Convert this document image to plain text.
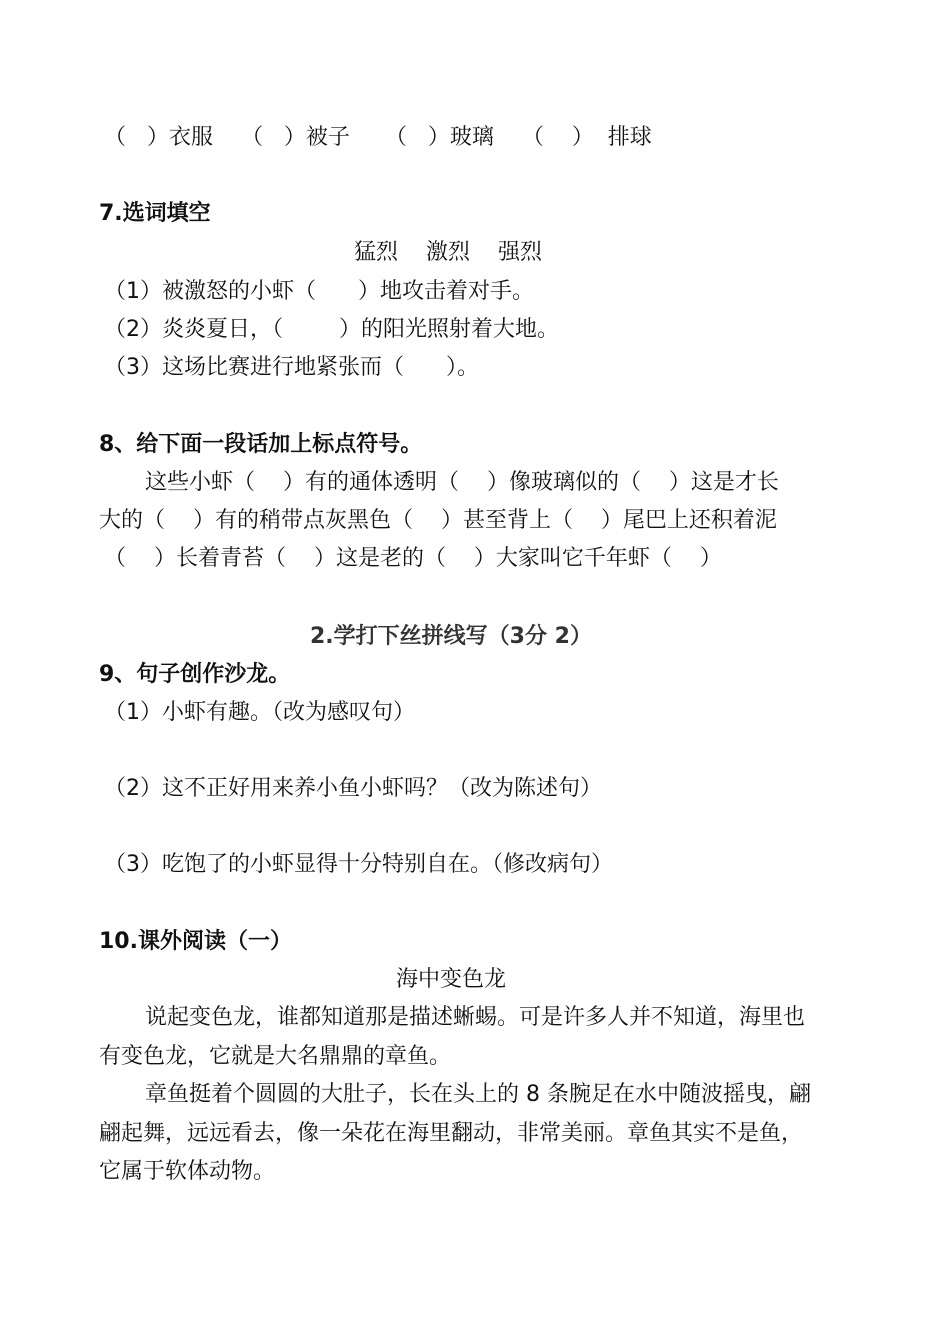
（   ）衣服    （   ）被子     （   ）玻璃    （    ）  排球
7.选词填空
猛烈    激烈    强烈
（1）被激怒的小虾（      ）地攻击着对手。
（2）炎炎夏日，（        ）的阳光照射着大地。
（3）这场比赛进行地紧张而（      ）。
8、给下面一段话加上标点符号。
这些小虾（    ）有的通体透明（    ）像玻璃似的（    ）这是才长
大的（    ）有的稍带点灰黑色（    ）甚至背上（    ）尾巴上还积着泥
（    ）长着青苔（    ）这是老的（    ）大家叫它千年虾（    ）
2.学打下丝拼线写（3分 2）
9、句子创作沙龙。
（1）小虾有趣。（改为感叹句）
（2）这不正好用来养小鱼小虾吗？（改为陈述句）
（3）吃饱了的小虾显得十分特别自在。（修改病句）
10.课外阅读（一）
海中变色龙
说起变色龙，谁都知道那是描述蜥蜴。可是许多人并不知道，海里也有变色龙，它就是大名鼎鼎的章鱼。
章鱼挺着个圆圆的大肚子，长在头上的 8 条腕足在水中随波摇曳，翩翩起舞，远远看去，像一朵花在海里翻动，非常美丽。章鱼其实不是鱼，它属于软体动物。
